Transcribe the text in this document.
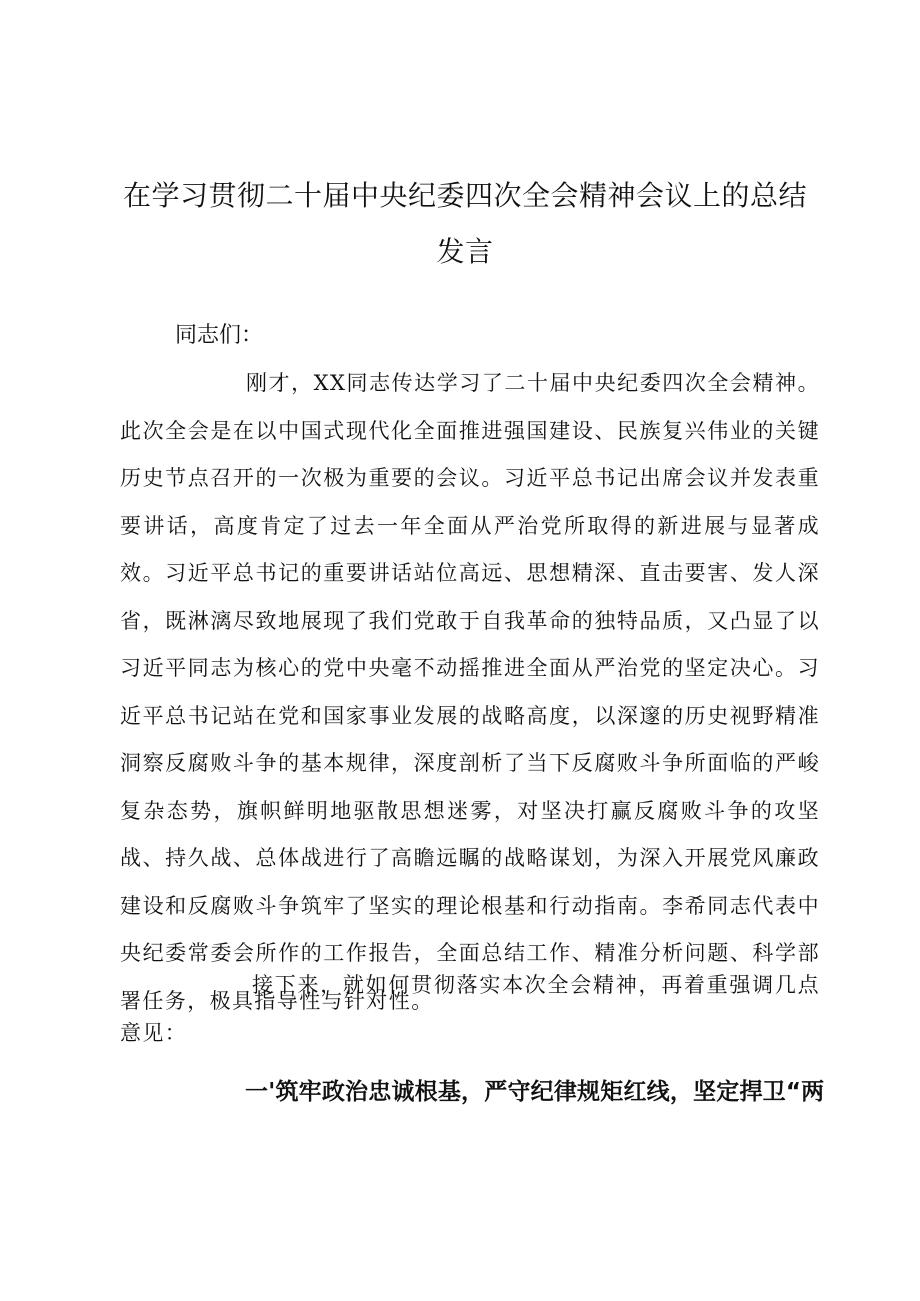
在学习贯彻二十届中央纪委四次全会精神会议上的总结
发言

同志们：

刚才，XX同志传达学习了二十届中央纪委四次全会精神。此次全会是在以中国式现代化全面推进强国建设、民族复兴伟业的关键历史节点召开的一次极为重要的会议。习近平总书记出席会议并发表重要讲话，高度肯定了过去一年全面从严治党所取得的新进展与显著成效。习近平总书记的重要讲话站位高远、思想精深、直击要害、发人深省，既淋漓尽致地展现了我们党敢于自我革命的独特品质，又凸显了以习近平同志为核心的党中央毫不动摇推进全面从严治党的坚定决心。习近平总书记站在党和国家事业发展的战略高度，以深邃的历史视野精准洞察反腐败斗争的基本规律，深度剖析了当下反腐败斗争所面临的严峻复杂态势，旗帜鲜明地驱散思想迷雾，对坚决打赢反腐败斗争的攻坚战、持久战、总体战进行了高瞻远瞩的战略谋划，为深入开展党风廉政建设和反腐败斗争筑牢了坚实的理论根基和行动指南。李希同志代表中央纪委常委会所作的工作报告，全面总结工作、精准分析问题、科学部署任务，极具指导性与针对性。

接下来，就如何贯彻落实本次全会精神，再着重强调几点意见：

一'筑牢政治忠诚根基，严守纪律规矩红线，坚定捍卫“两
